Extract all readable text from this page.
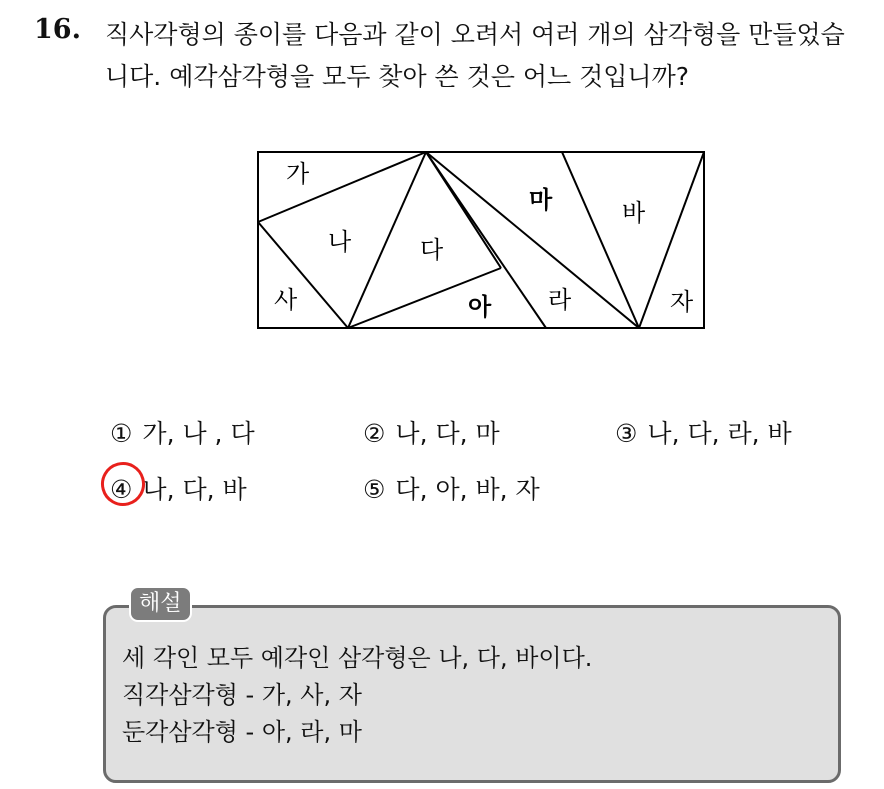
16. 직사각형의 종이를 다음과 같이 오려서 여러 개의 삼각형을 만들었습
니다. 예각삼각형을 모두 찾아 쓴 것은 어느 것입니까?
가
나	다
마	바
사	아 라	자
① 가, 나 , 다	② 나, 다, 마	③ 나, 다, 라, 바
④ 나, 다, 바	⑤ 다, 아, 바, 자
해설
세 각인 모두 예각인 삼각형은 나, 다, 바이다.
직각삼각형 - 가, 사, 자
둔각삼각형 - 아, 라, 마
